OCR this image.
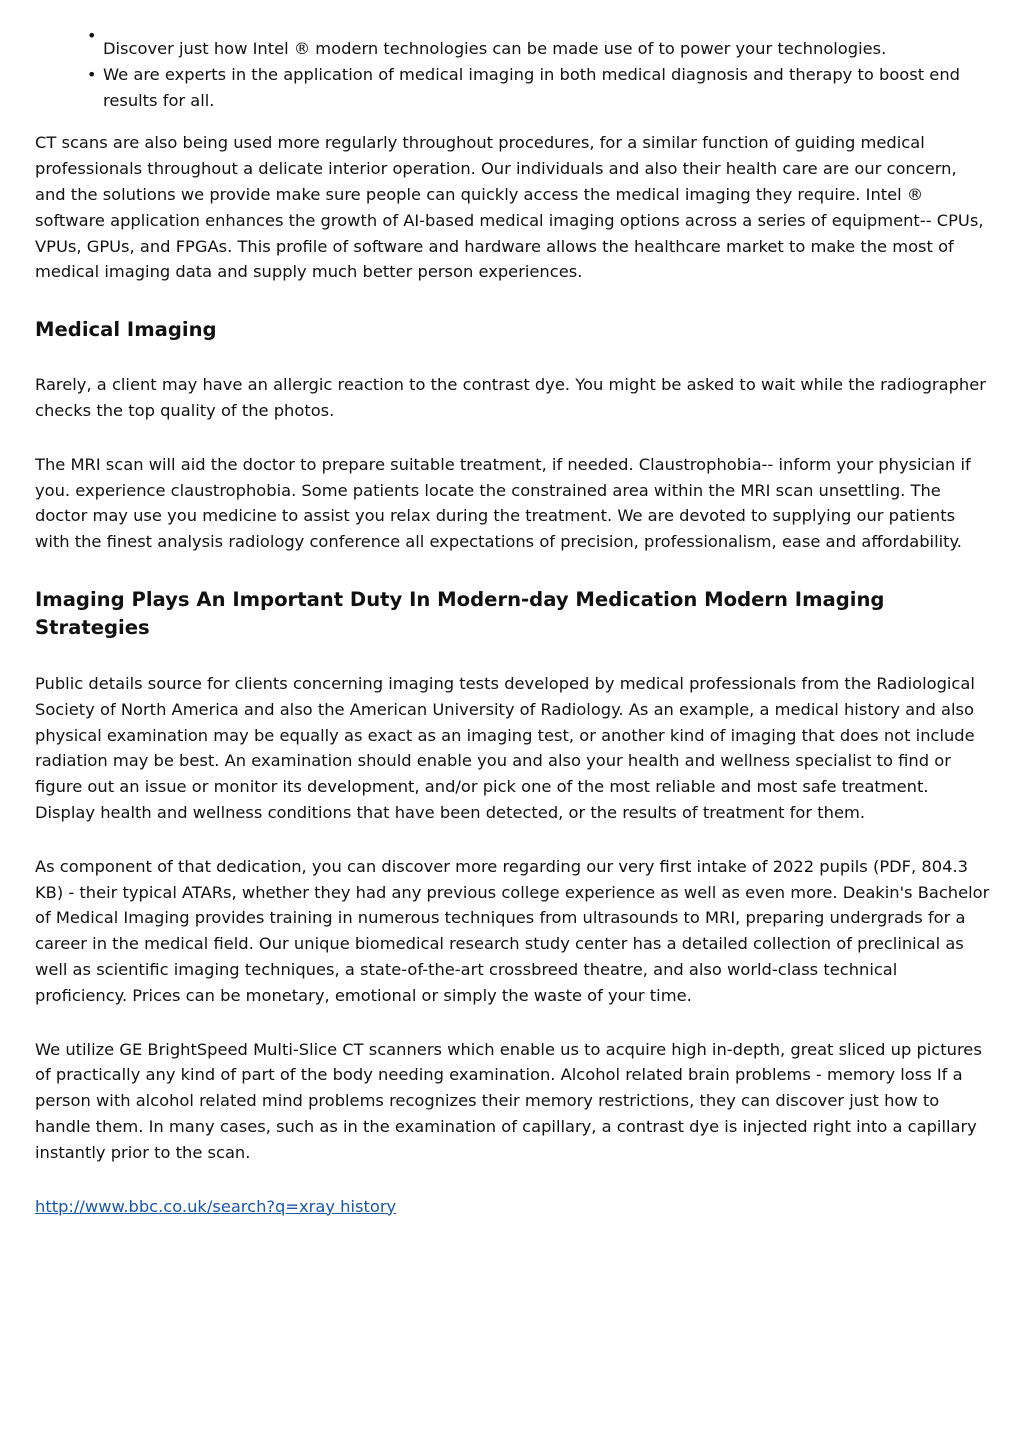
•
Discover just how Intel ® modern technologies can be made use of to power your technologies.
• We are experts in the application of medical imaging in both medical diagnosis and therapy to boost end results for all.

CT scans are also being used more regularly throughout procedures, for a similar function of guiding medical professionals throughout a delicate interior operation. Our individuals and also their health care are our concern, and the solutions we provide make sure people can quickly access the medical imaging they require. Intel ® software application enhances the growth of AI-based medical imaging options across a series of equipment-- CPUs, VPUs, GPUs, and FPGAs. This profile of software and hardware allows the healthcare market to make the most of medical imaging data and supply much better person experiences.

Medical Imaging

Rarely, a client may have an allergic reaction to the contrast dye. You might be asked to wait while the radiographer checks the top quality of the photos.

The MRI scan will aid the doctor to prepare suitable treatment, if needed. Claustrophobia-- inform your physician if you. experience claustrophobia. Some patients locate the constrained area within the MRI scan unsettling. The doctor may use you medicine to assist you relax during the treatment. We are devoted to supplying our patients with the finest analysis radiology conference all expectations of precision, professionalism, ease and affordability.

Imaging Plays An Important Duty In Modern-day Medication Modern Imaging Strategies

Public details source for clients concerning imaging tests developed by medical professionals from the Radiological Society of North America and also the American University of Radiology. As an example, a medical history and also physical examination may be equally as exact as an imaging test, or another kind of imaging that does not include radiation may be best. An examination should enable you and also your health and wellness specialist to find or figure out an issue or monitor its development, and/or pick one of the most reliable and most safe treatment. Display health and wellness conditions that have been detected, or the results of treatment for them.

As component of that dedication, you can discover more regarding our very first intake of 2022 pupils (PDF, 804.3 KB) - their typical ATARs, whether they had any previous college experience as well as even more. Deakin's Bachelor of Medical Imaging provides training in numerous techniques from ultrasounds to MRI, preparing undergrads for a career in the medical field. Our unique biomedical research study center has a detailed collection of preclinical as well as scientific imaging techniques, a state-of-the-art crossbreed theatre, and also world-class technical proficiency. Prices can be monetary, emotional or simply the waste of your time.

We utilize GE BrightSpeed Multi-Slice CT scanners which enable us to acquire high in-depth, great sliced up pictures of practically any kind of part of the body needing examination. Alcohol related brain problems - memory loss If a person with alcohol related mind problems recognizes their memory restrictions, they can discover just how to handle them. In many cases, such as in the examination of capillary, a contrast dye is injected right into a capillary instantly prior to the scan.

http://www.bbc.co.uk/search?q=xray history
